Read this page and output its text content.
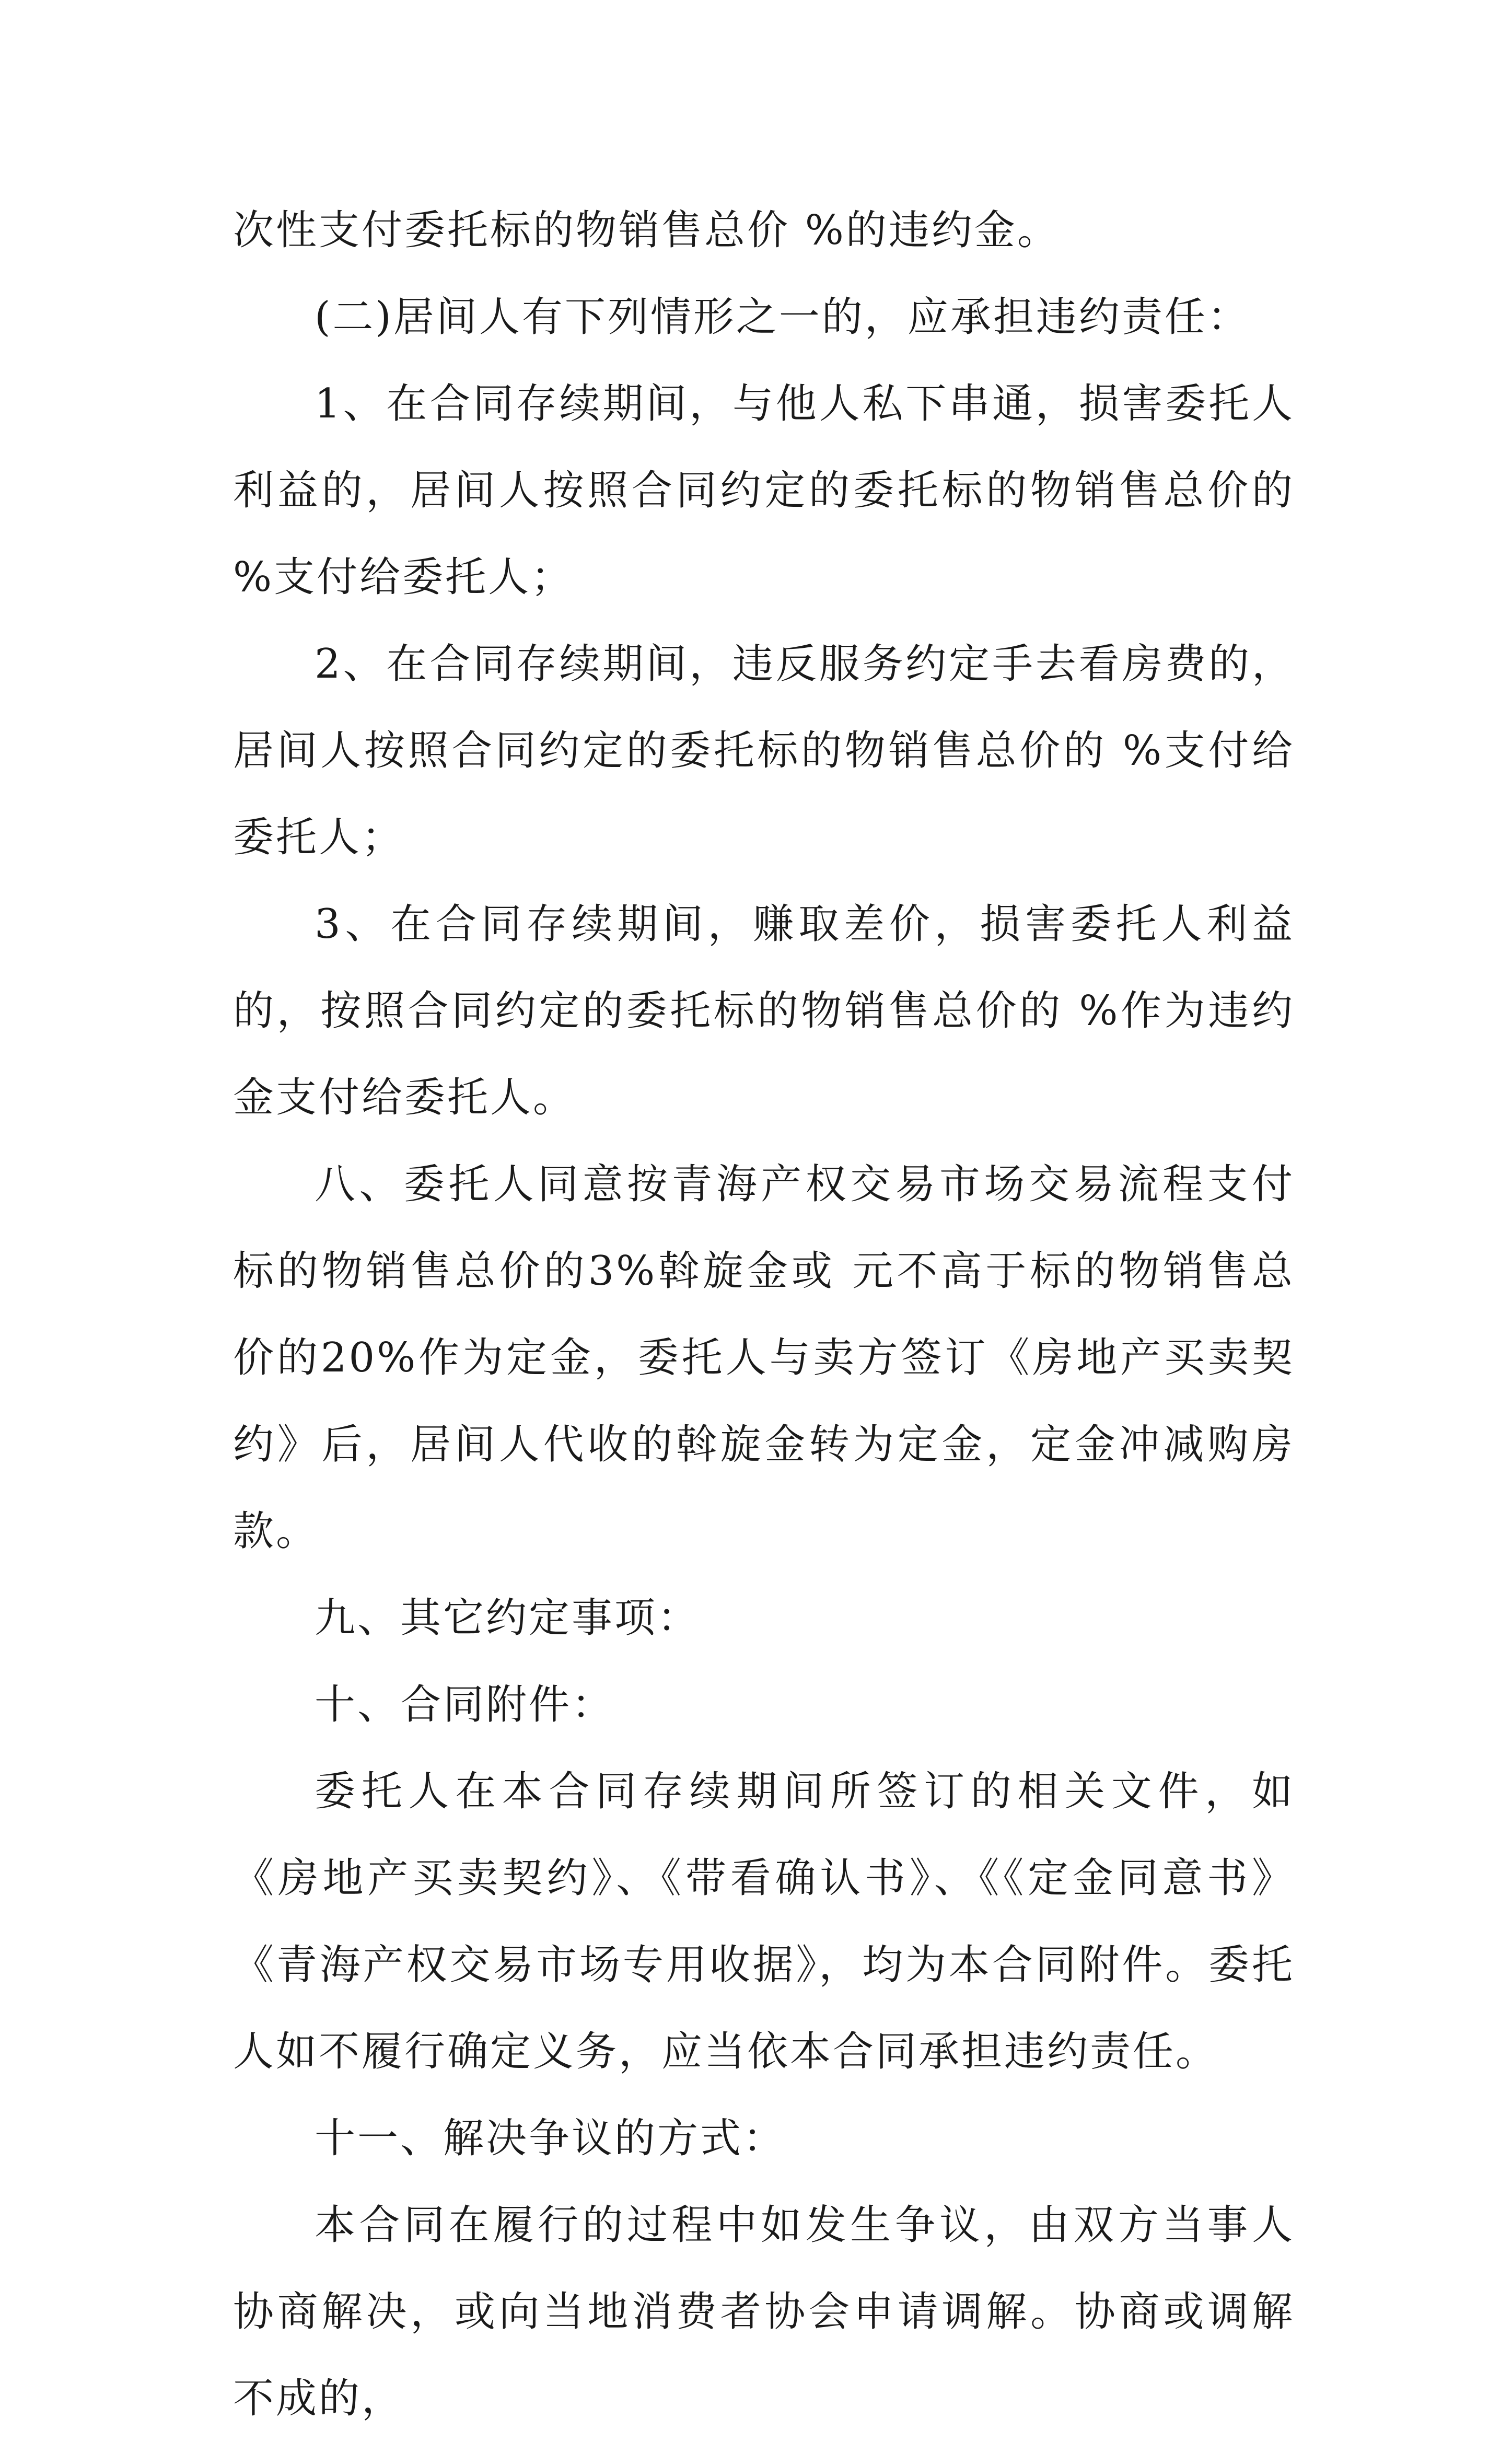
次性支付委托标的物销售总价 %的违约金。

(二)居间人有下列情形之一的，应承担违约责任：

1、在合同存续期间，与他人私下串通，损害委托人利益的，居间人按照合同约定的委托标的物销售总价的 %支付给委托人；

2、在合同存续期间，违反服务约定手去看房费的，居间人按照合同约定的委托标的物销售总价的 %支付给委托人；

3、在合同存续期间，赚取差价，损害委托人利益的，按照合同约定的委托标的物销售总价的 %作为违约金支付给委托人。

八、委托人同意按青海产权交易市场交易流程支付标的物销售总价的3%斡旋金或 元不高于标的物销售总价的20%作为定金，委托人与卖方签订《房地产买卖契约》后，居间人代收的斡旋金转为定金，定金冲减购房款。

九、其它约定事项：

十、合同附件：

委托人在本合同存续期间所签订的相关文件，如《房地产买卖契约》、《带看确认书》、《《定金同意书》《青海产权交易市场专用收据》，均为本合同附件。委托人如不履行确定义务，应当依本合同承担违约责任。

十一、解决争议的方式：

本合同在履行的过程中如发生争议，由双方当事人协商解决，或向当地消费者协会申请调解。协商或调解不成的，
